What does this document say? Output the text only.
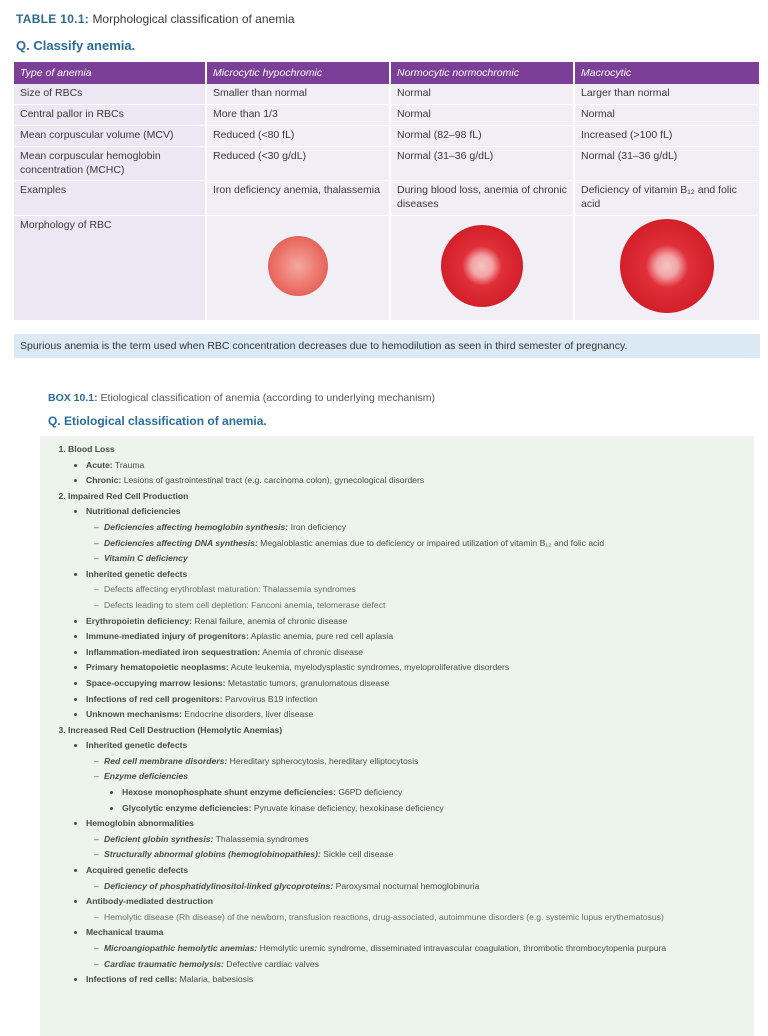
TABLE 10.1: Morphological classification of anemia
Q. Classify anemia.
Type of anemia	Microcytic hypochromic	Normocytic normochromic	Macrocytic
Size of RBCs	Smaller than normal	Normal	Larger than normal
Central pallor in RBCs	More than 1/3	Normal	Normal
Mean corpuscular volume (MCV)	Reduced (<80 fL)	Normal (82–98 fL)	Increased (>100 fL)
Mean corpuscular hemoglobin concentration (MCHC)	Reduced (<30 g/dL)	Normal (31–36 g/dL)	Normal (31–36 g/dL)
Examples	Iron deficiency anemia, thalassemia	During blood loss, anemia of chronic diseases	Deficiency of vitamin B₁₂ and folic acid
Morphology of RBC			
Spurious anemia is the term used when RBC concentration decreases due to hemodilution as seen in third semester of pregnancy.
BOX 10.1: Etiological classification of anemia (according to underlying mechanism)
Q. Etiological classification of anemia.
1. Blood Loss
• Acute: Trauma
• Chronic: Lesions of gastrointestinal tract (e.g. carcinoma colon), gynecological disorders
2. Impaired Red Cell Production
• Nutritional deficiencies
– Deficiencies affecting hemoglobin synthesis: Iron deficiency
– Deficiencies affecting DNA synthesis: Megaloblastic anemias due to deficiency or impaired utilization of vitamin B₁₂ and folic acid
– Vitamin C deficiency
• Inherited genetic defects
– Defects affecting erythroblast maturation: Thalassemia syndromes
– Defects leading to stem cell depletion: Fanconi anemia, telomerase defect
• Erythropoietin deficiency: Renal failure, anemia of chronic disease
• Immune-mediated injury of progenitors: Aplastic anemia, pure red cell aplasia
• Inflammation-mediated iron sequestration: Anemia of chronic disease
• Primary hematopoietic neoplasms: Acute leukemia, myelodysplastic syndromes, myeloproliferative disorders
• Space-occupying marrow lesions: Metastatic tumors, granulomatous disease
• Infections of red cell progenitors: Parvovirus B19 infection
• Unknown mechanisms: Endocrine disorders, liver disease
3. Increased Red Cell Destruction (Hemolytic Anemias)
• Inherited genetic defects
– Red cell membrane disorders: Hereditary spherocytosis, hereditary elliptocytosis
– Enzyme deficiencies
• Hexose monophosphate shunt enzyme deficiencies: G6PD deficiency
• Glycolytic enzyme deficiencies: Pyruvate kinase deficiency, hexokinase deficiency
• Hemoglobin abnormalities
– Deficient globin synthesis: Thalassemia syndromes
– Structurally abnormal globins (hemoglobinopathies): Sickle cell disease
• Acquired genetic defects
– Deficiency of phosphatidylinositol-linked glycoproteins: Paroxysmal nocturnal hemoglobinuria
• Antibody-mediated destruction
– Hemolytic disease (Rh disease) of the newborn, transfusion reactions, drug-associated, autoimmune disorders (e.g. systemic lupus erythematosus)
• Mechanical trauma
– Microangiopathic hemolytic anemias: Hemolytic uremic syndrome, disseminated intravascular coagulation, thrombotic thrombocytopenia purpura
– Cardiac traumatic hemolysis: Defective cardiac valves
• Infections of red cells: Malaria, babesiosis
